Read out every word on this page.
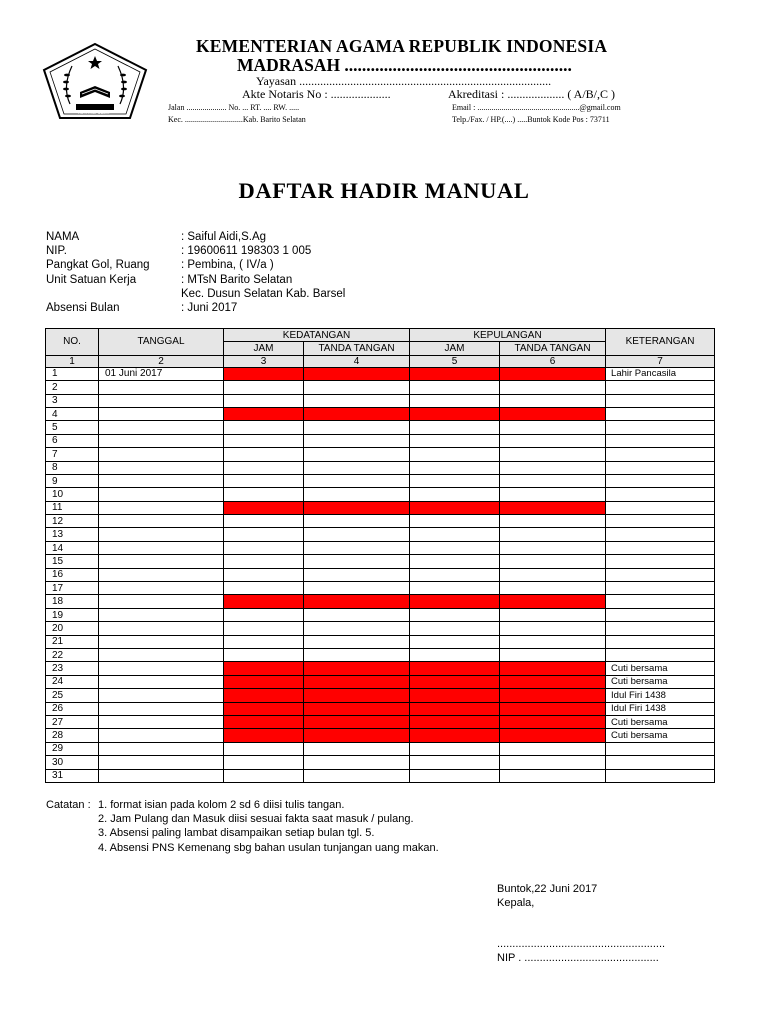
KOTA REPUBLIK
KEMENTERIAN AGAMA REPUBLIK INDONESIA
MADRASAH ....................................................
Yayasan ....................................................................................
Akte Notaris No : ....................	Akreditasi : ................... ( A/B/,C )
Jalan .................... No. ... RT. .... RW. .....	Email : ...................................................@gmail.com
Kec. .............................Kab. Barito Selatan	Telp./Fax. / HP.(....) .....Buntok Kode Pos : 73711
DAFTAR HADIR MANUAL
NAMA	: Saiful Aidi,S.Ag
NIP.	: 19600611 198303 1 005
Pangkat Gol, Ruang	: Pembina, ( IV/a )
Unit Satuan Kerja	: MTsN Barito Selatan
Kec. Dusun Selatan Kab. Barsel
Absensi Bulan	: Juni 2017
NO.	TANGGAL	KEDATANGAN		KEPULANGAN		KETERANGAN
		JAM	TANDA TANGAN	JAM	TANDA TANGAN	
1	2	3	4	5	6	7
1	01 Juni 2017					Lahir Pancasila
2						
3						
4						
5						
6						
7						
8						
9						
10						
11						
12						
13						
14						
15						
16						
17						
18						
19						
20						
21						
22						
23						Cuti bersama
24						Cuti bersama
25						Idul Firi 1438
26						Idul Firi 1438
27						Cuti bersama
28						Cuti bersama
29						
30						
31						
Catatan : 1. format isian pada kolom 2 sd 6 diisi tulis tangan.
2. Jam Pulang dan Masuk diisi sesuai fakta saat masuk / pulang.
3. Absensi paling lambat disampaikan setiap bulan tgl. 5.
4. Absensi PNS Kemenang sbg bahan usulan tunjangan uang makan.
Buntok,22 Juni 2017
Kepala,
.......................................................
NIP . ............................................
